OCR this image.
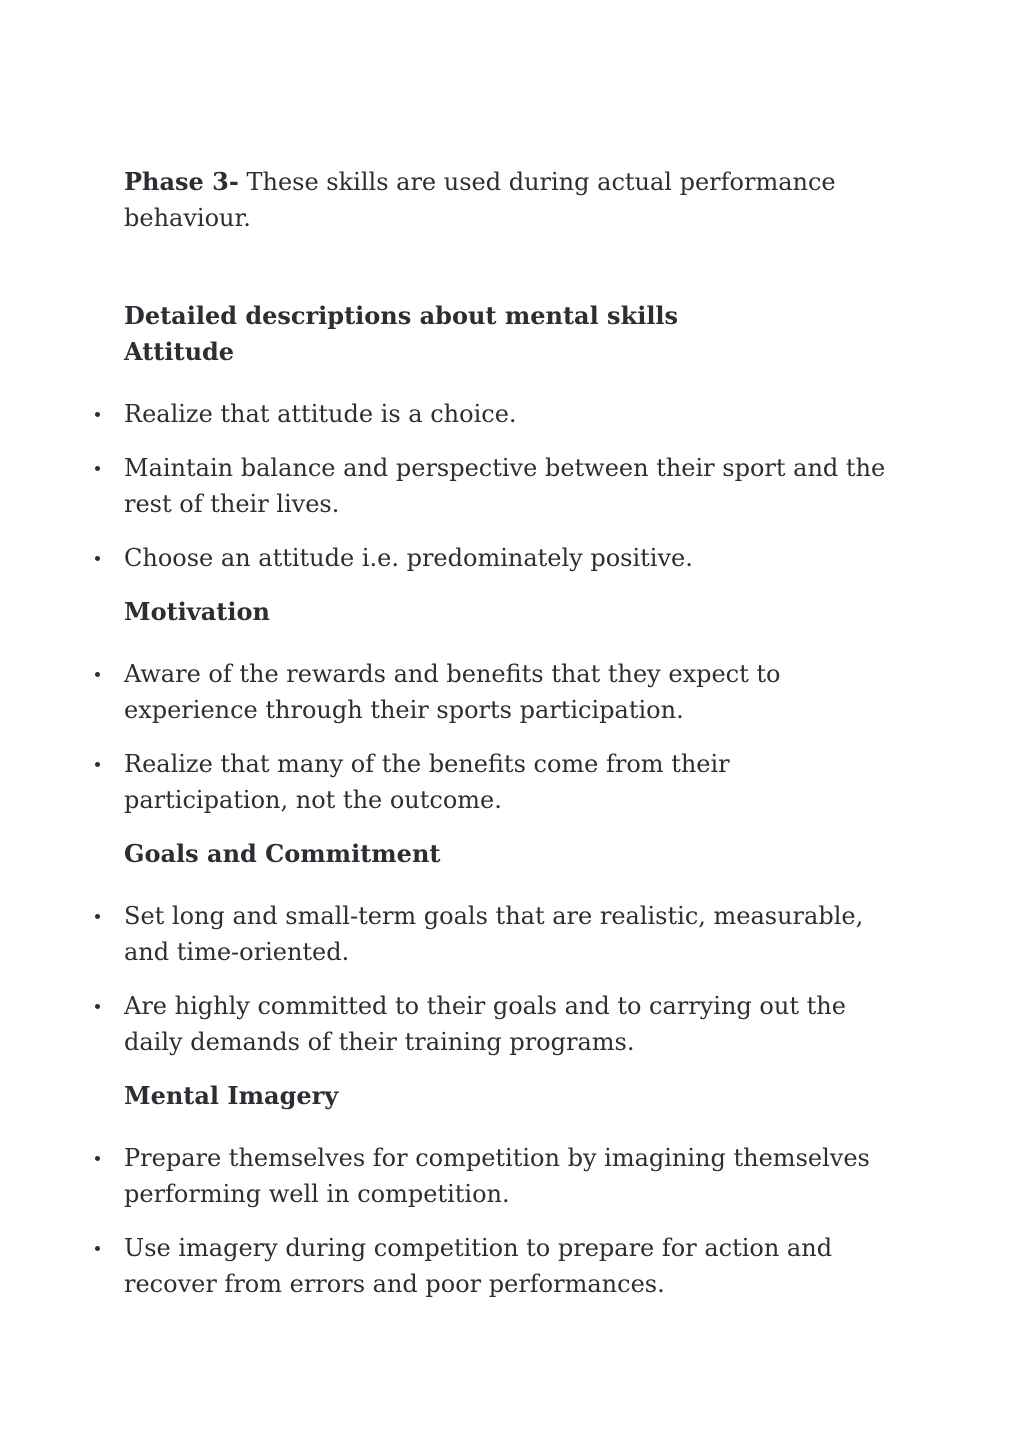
Phase 3- These skills are used during actual performance behaviour.

Detailed descriptions about mental skills
Attitude
Realize that attitude is a choice.
Maintain balance and perspective between their sport and the rest of their lives.
Choose an attitude i.e. predominately positive.
Motivation
Aware of the rewards and benefits that they expect to experience through their sports participation.
Realize that many of the benefits come from their participation, not the outcome.
Goals and Commitment
Set long and small-term goals that are realistic, measurable, and time-oriented.
Are highly committed to their goals and to carrying out the daily demands of their training programs.
Mental Imagery
Prepare themselves for competition by imagining themselves performing well in competition.
Use imagery during competition to prepare for action and recover from errors and poor performances.
